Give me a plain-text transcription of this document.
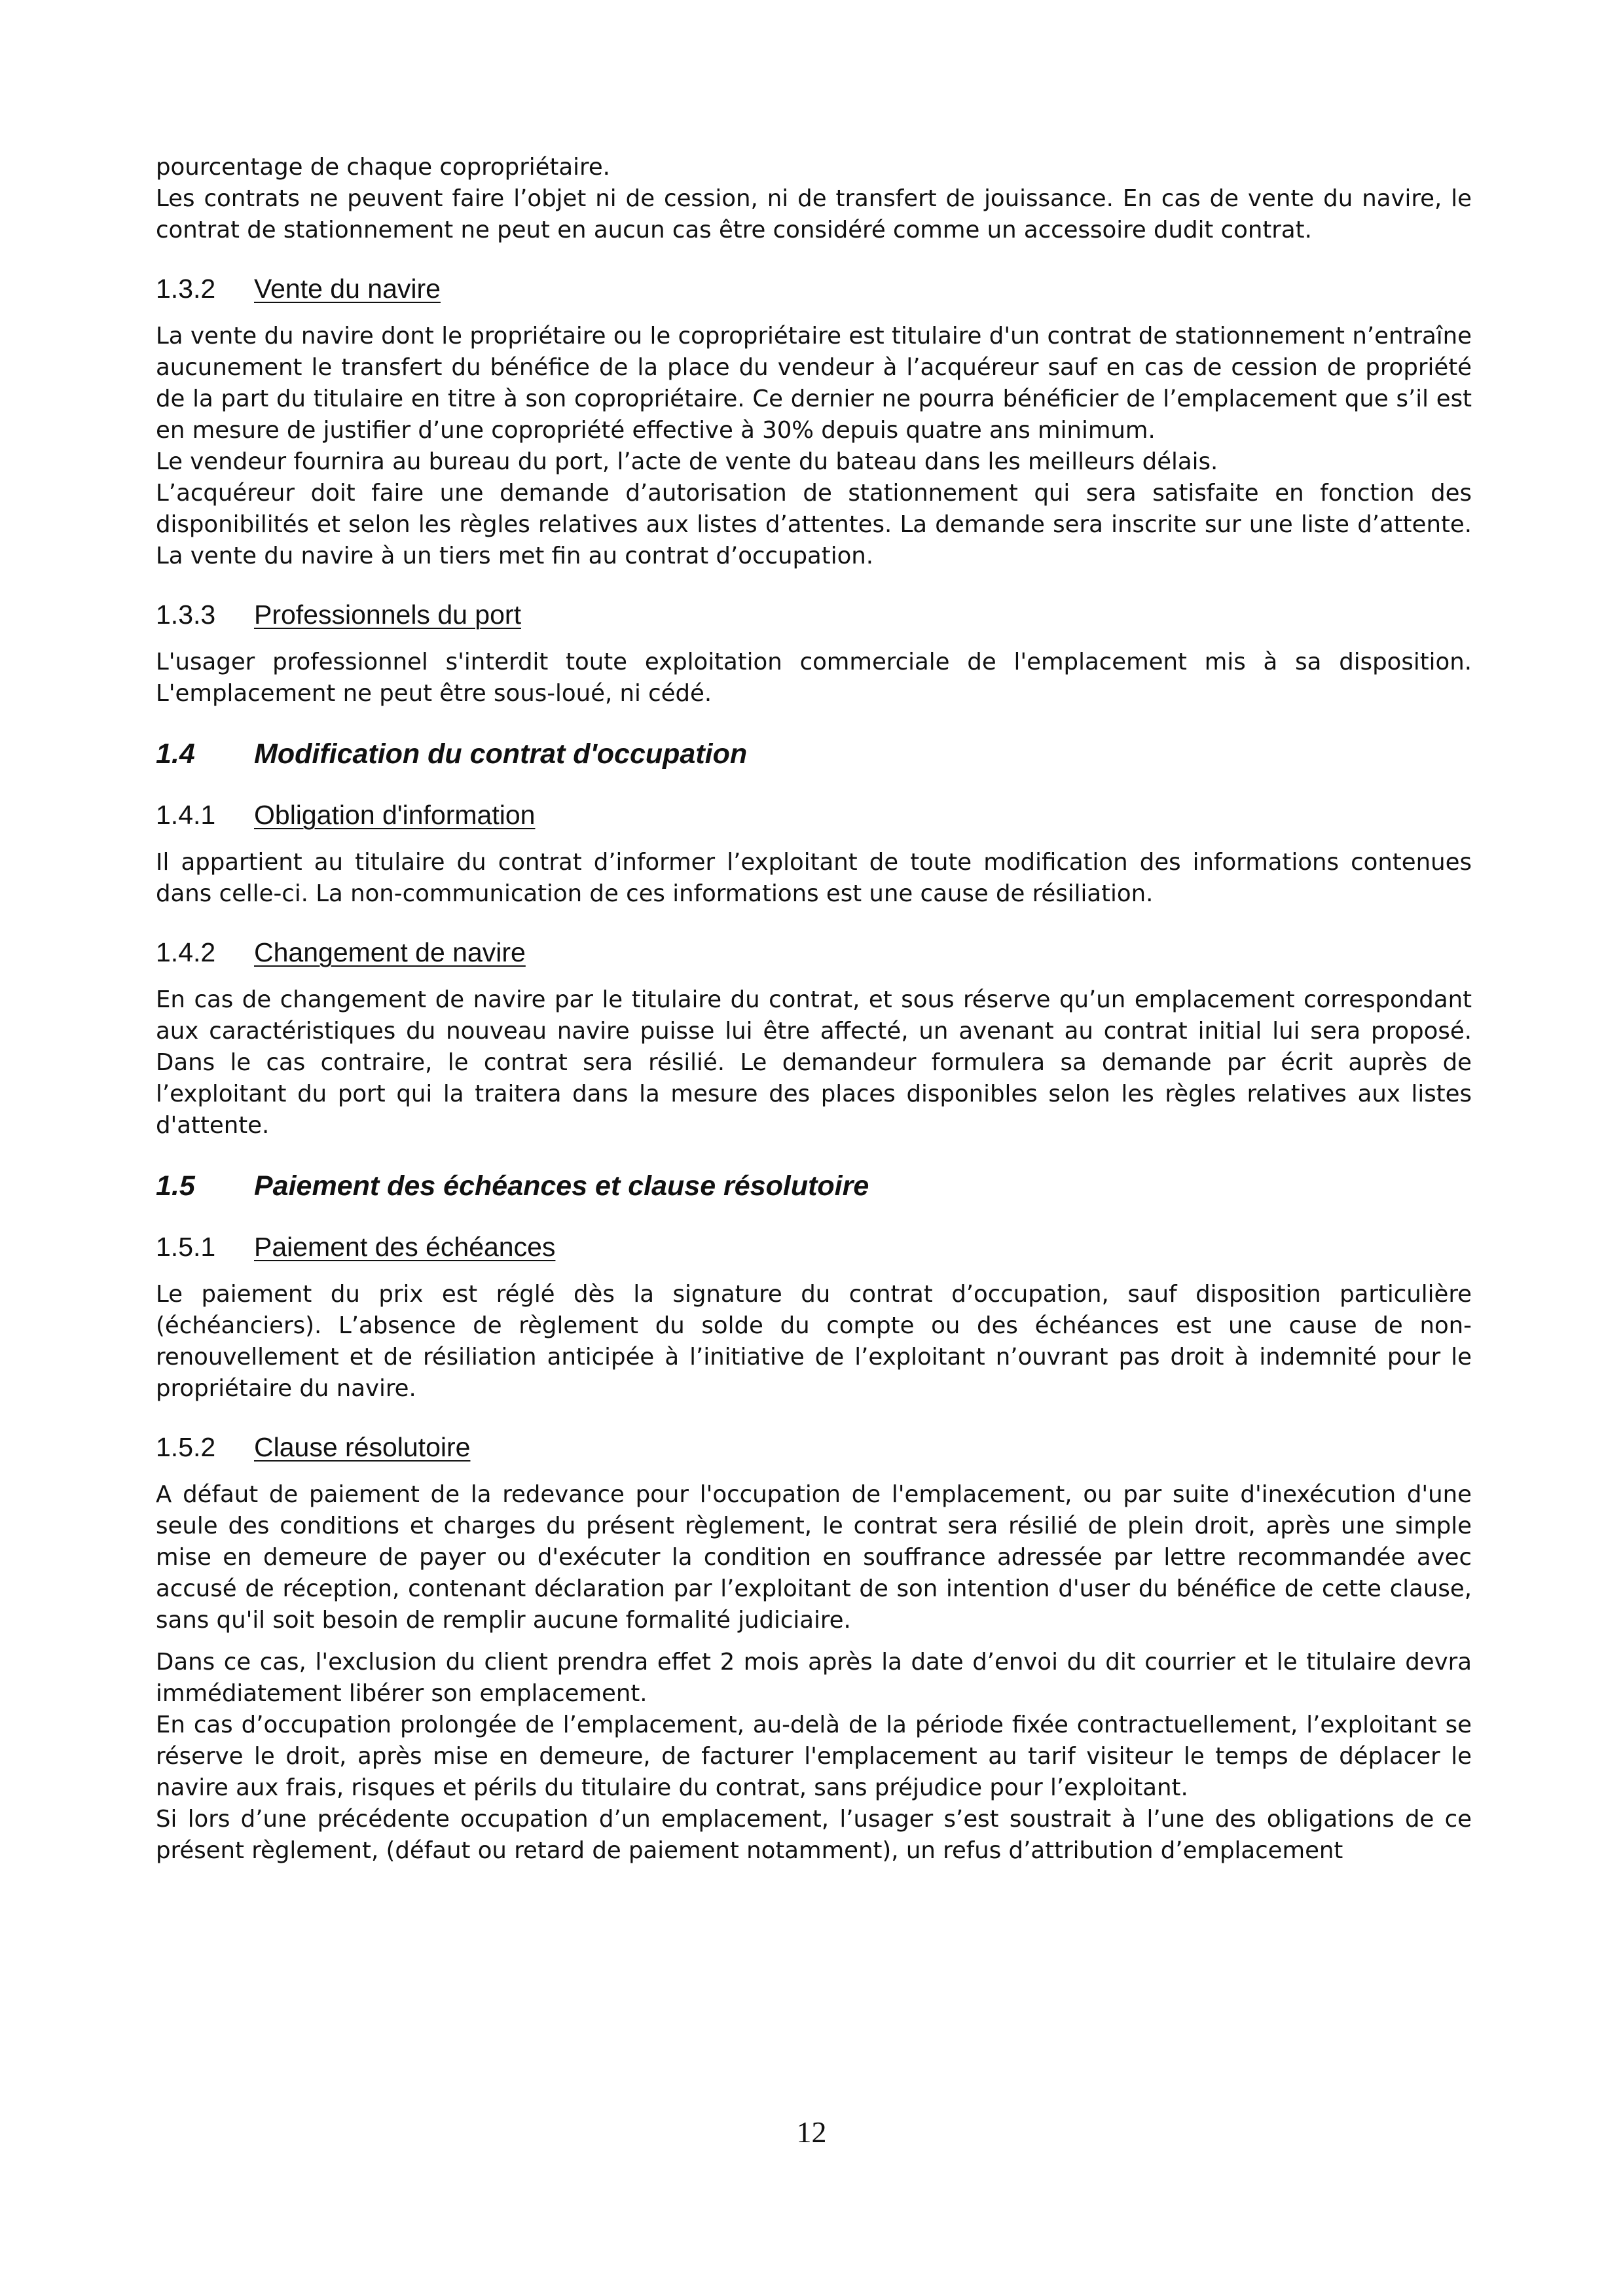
pourcentage de chaque copropriétaire.

Les contrats ne peuvent faire l’objet ni de cession, ni de transfert de jouissance. En cas de vente du navire, le contrat de stationnement ne peut en aucun cas être considéré comme un accessoire dudit contrat.

1.3.2	Vente du navire

La vente du navire dont le propriétaire ou le copropriétaire est titulaire d'un contrat de stationnement n’entraîne aucunement le transfert du bénéfice de la place du vendeur à l’acquéreur sauf en cas de cession de propriété de la part du titulaire en titre à son copropriétaire. Ce dernier ne pourra bénéficier de l’emplacement que s’il est en mesure de justifier d’une copropriété effective à 30% depuis quatre ans minimum.

Le vendeur fournira au bureau du port, l’acte de vente du bateau dans les meilleurs délais.

L’acquéreur doit faire une demande d’autorisation de stationnement qui sera satisfaite en fonction des disponibilités et selon les règles relatives aux listes d’attentes. La demande sera inscrite sur une liste d’attente. La vente du navire à un tiers met fin au contrat d’occupation.

1.3.3	Professionnels du port

L'usager professionnel s'interdit toute exploitation commerciale de l'emplacement mis à sa disposition. L'emplacement ne peut être sous-loué, ni cédé.

1.4	Modification du contrat d'occupation
1.4.1	Obligation d'information

Il appartient au titulaire du contrat d’informer l’exploitant de toute modification des informations contenues dans celle-ci. La non-communication de ces informations est une cause de résiliation.

1.4.2	Changement de navire

En cas de changement de navire par le titulaire du contrat, et sous réserve qu’un emplacement correspondant aux caractéristiques du nouveau navire puisse lui être affecté, un avenant au contrat initial lui sera proposé. Dans le cas contraire, le contrat sera résilié. Le demandeur formulera sa demande par écrit auprès de l’exploitant du port qui la traitera dans la mesure des places disponibles selon les règles relatives aux listes d'attente.

1.5	Paiement des échéances et clause résolutoire
1.5.1	Paiement des échéances

Le paiement du prix est réglé dès la signature du contrat d’occupation, sauf disposition particulière (échéanciers). L’absence de règlement du solde du compte ou des échéances est une cause de non-renouvellement et de résiliation anticipée à l’initiative de l’exploitant n’ouvrant pas droit à indemnité pour le propriétaire du navire.

1.5.2	Clause résolutoire

A défaut de paiement de la redevance pour l'occupation de l'emplacement, ou par suite d'inexécution d'une seule des conditions et charges du présent règlement, le contrat sera résilié de plein droit, après une simple mise en demeure de payer ou d'exécuter la condition en souffrance adressée par lettre recommandée avec accusé de réception, contenant déclaration par l’exploitant de son intention d'user du bénéfice de cette clause, sans qu'il soit besoin de remplir aucune formalité judiciaire.

Dans ce cas, l'exclusion du client prendra effet 2 mois après la date d’envoi du dit courrier et le titulaire devra immédiatement libérer son emplacement.

En cas d’occupation prolongée de l’emplacement, au-delà de la période fixée contractuellement, l’exploitant se réserve le droit, après mise en demeure, de facturer l'emplacement au tarif visiteur le temps de déplacer le navire aux frais, risques et périls du titulaire du contrat, sans préjudice pour l’exploitant.

Si lors d’une précédente occupation d’un emplacement, l’usager s’est soustrait à l’une des obligations de ce présent règlement, (défaut ou retard de paiement notamment), un refus d’attribution d’emplacement

12
